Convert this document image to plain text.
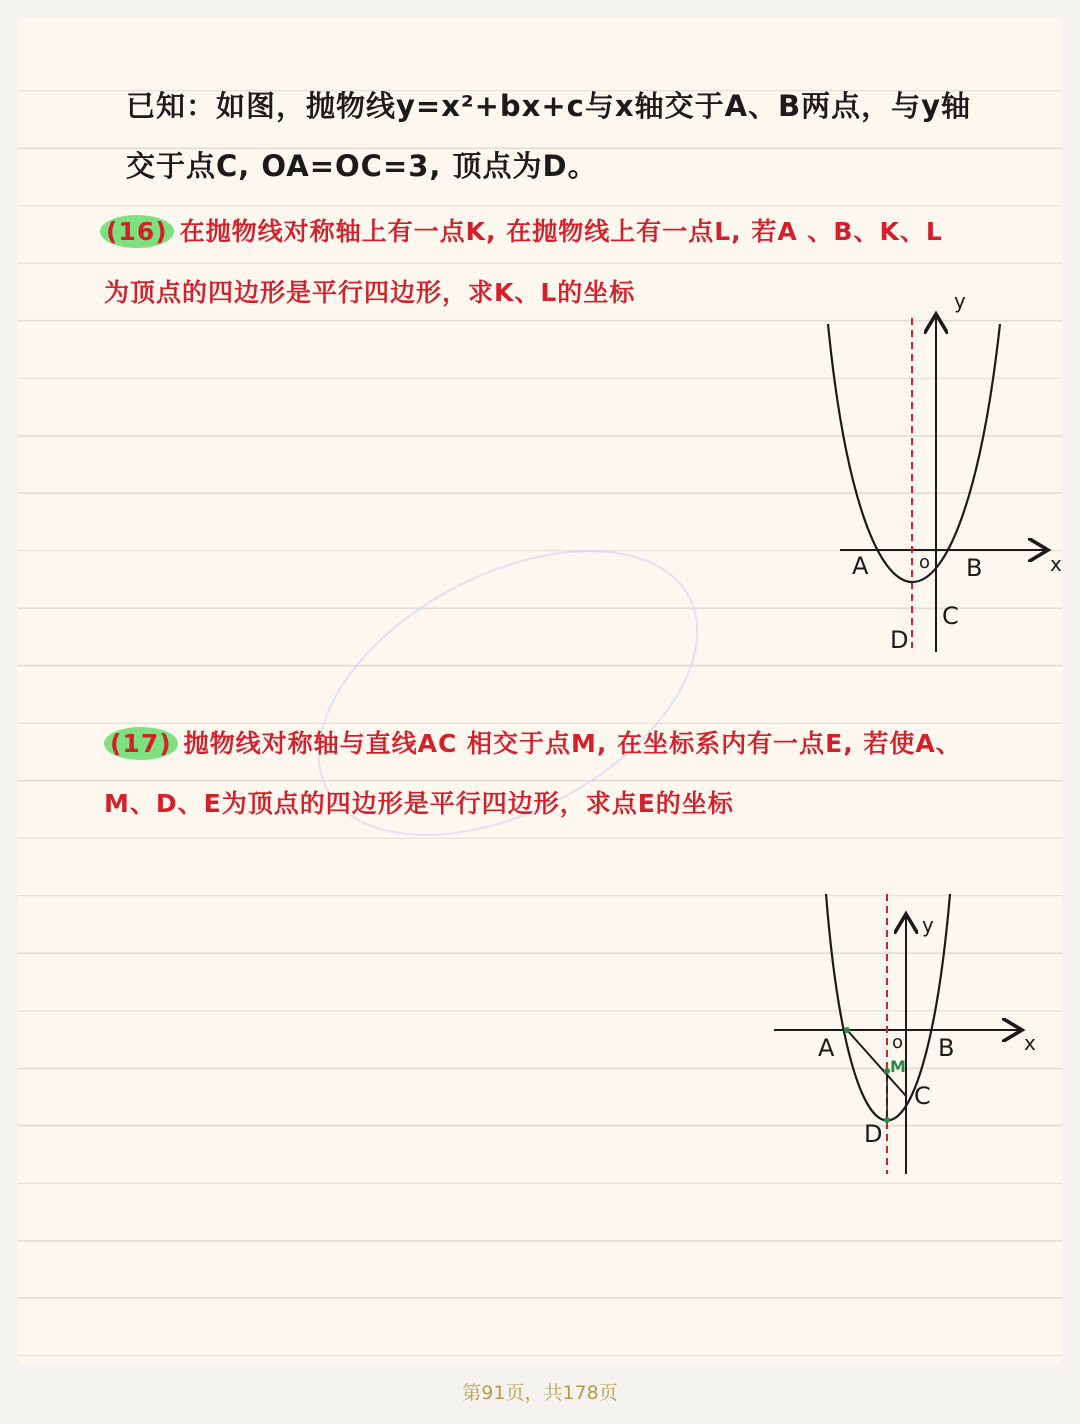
已知：如图，抛物线y=x²+bx+c与x轴交于A、B两点，与y轴
交于点C, OA=OC=3, 顶点为D。
(16) 在抛物线对称轴上有一点K, 在抛物线上有一点L, 若A 、B、K、L
为顶点的四边形是平行四边形，求K、L的坐标
(17) 抛物线对称轴与直线AC 相交于点M, 在坐标系内有一点E, 若使A、
M、D、E为顶点的四边形是平行四边形，求点E的坐标
x
y
o
A	B
C
D
x
y
o
A	B
M
C
D
第91页，共178页
